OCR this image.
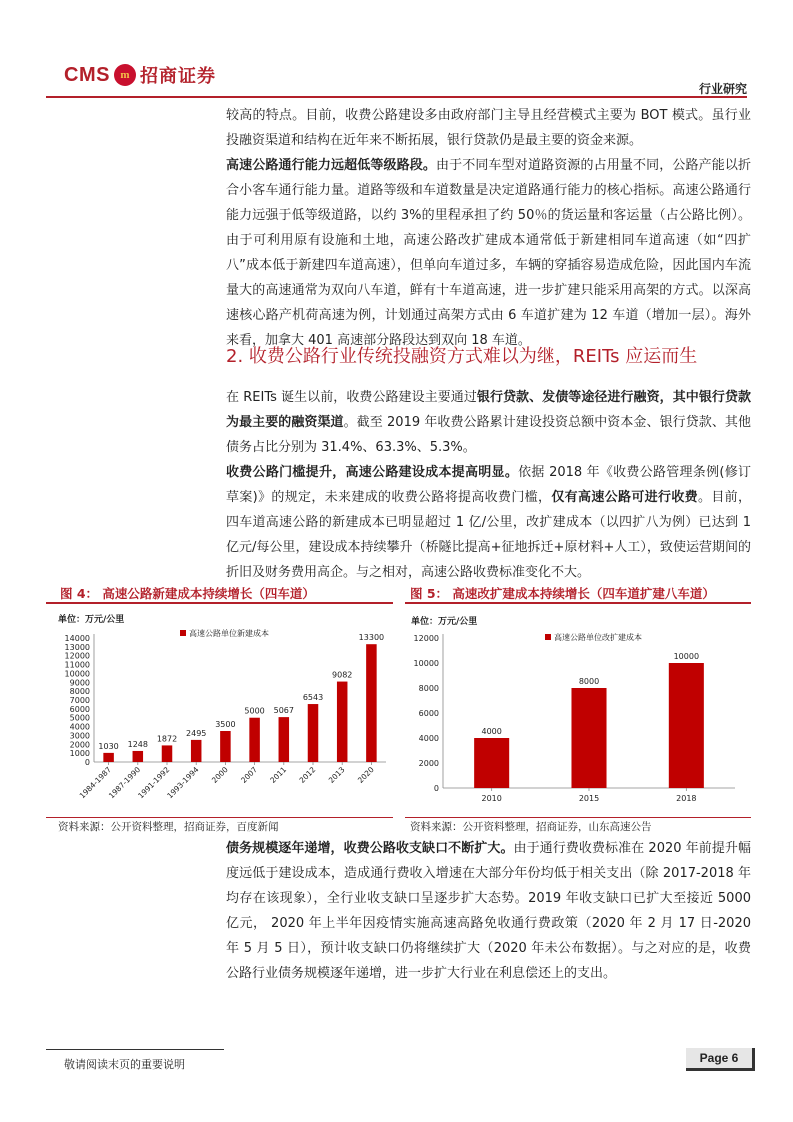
CMS m 招商证券
行业研究
较高的特点。目前，收费公路建设多由政府部门主导且经营模式主要为 BOT 模式。虽行业投融资渠道和结构在近年来不断拓展，银行贷款仍是最主要的资金来源。
高速公路通行能力远超低等级路段。由于不同车型对道路资源的占用量不同，公路产能以折合小客车通行能力量。道路等级和车道数量是决定道路通行能力的核心指标。高速公路通行能力远强于低等级道路，以约 3%的里程承担了约 50％的货运量和客运量（占公路比例）。由于可利用原有设施和土地，高速公路改扩建成本通常低于新建相同车道高速（如“四扩八”成本低于新建四车道高速），但单向车道过多，车辆的穿插容易造成危险，因此国内车流量大的高速通常为双向八车道，鲜有十车道高速，进一步扩建只能采用高架的方式。以深高速核心路产机荷高速为例，计划通过高架方式由 6 车道扩建为 12 车道（增加一层）。海外来看，加拿大 401 高速部分路段达到双向 18 车道。
2. 收费公路行业传统投融资方式难以为继，REITs 应运而生
在 REITs 诞生以前，收费公路建设主要通过银行贷款、发债等途径进行融资，其中银行贷款为最主要的融资渠道。截至 2019 年收费公路累计建设投资总额中资本金、银行贷款、其他债务占比分别为 31.4%、63.3%、5.3%。
收费公路门槛提升，高速公路建设成本提高明显。依据 2018 年《收费公路管理条例(修订草案)》的规定，未来建成的收费公路将提高收费门槛，仅有高速公路可进行收费。目前，四车道高速公路的新建成本已明显超过 1 亿/公里，改扩建成本（以四扩八为例）已达到 1 亿元/每公里，建设成本持续攀升（桥隧比提高+征地拆迁+原材料+人工），致使运营期间的折旧及财务费用高企。与之相对，高速公路收费标准变化不大。
图 4： 高速公路新建成本持续增长（四车道）
单位：万元/公里
高速公路单位新建成本
0
1000
2000
3000
4000
5000
6000
7000
8000
9000
10000
11000
12000
13000
14000
1030
1984-1987
1248
1987-1990
1872
1991-1992
2495
1993-1994
3500
2000
5000
2007
5067
2011
6543
2012
9082
2013
13300
2020
资料来源：公开资料整理，招商证券，百度新闻
图 5： 高速改扩建成本持续增长（四车道扩建八车道）
单位：万元/公里
高速公路单位改扩建成本
0
2000
4000
6000
8000
10000
12000
4000
2010
8000
2015
10000
2018
资料来源：公开资料整理，招商证券，山东高速公告
债务规模逐年递增，收费公路收支缺口不断扩大。由于通行费收费标准在 2020 年前提升幅度远低于建设成本，造成通行费收入增速在大部分年份均低于相关支出（除 2017-2018 年均存在该现象），全行业收支缺口呈逐步扩大态势。2019 年收支缺口已扩大至接近 5000 亿元， 2020 年上半年因疫情实施高速高路免收通行费政策（2020 年 2 月 17 日-2020 年 5 月 5 日），预计收支缺口仍将继续扩大（2020 年未公布数据）。与之对应的是，收费公路行业债务规模逐年递增，进一步扩大行业在利息偿还上的支出。
敬请阅读末页的重要说明	Page 6
